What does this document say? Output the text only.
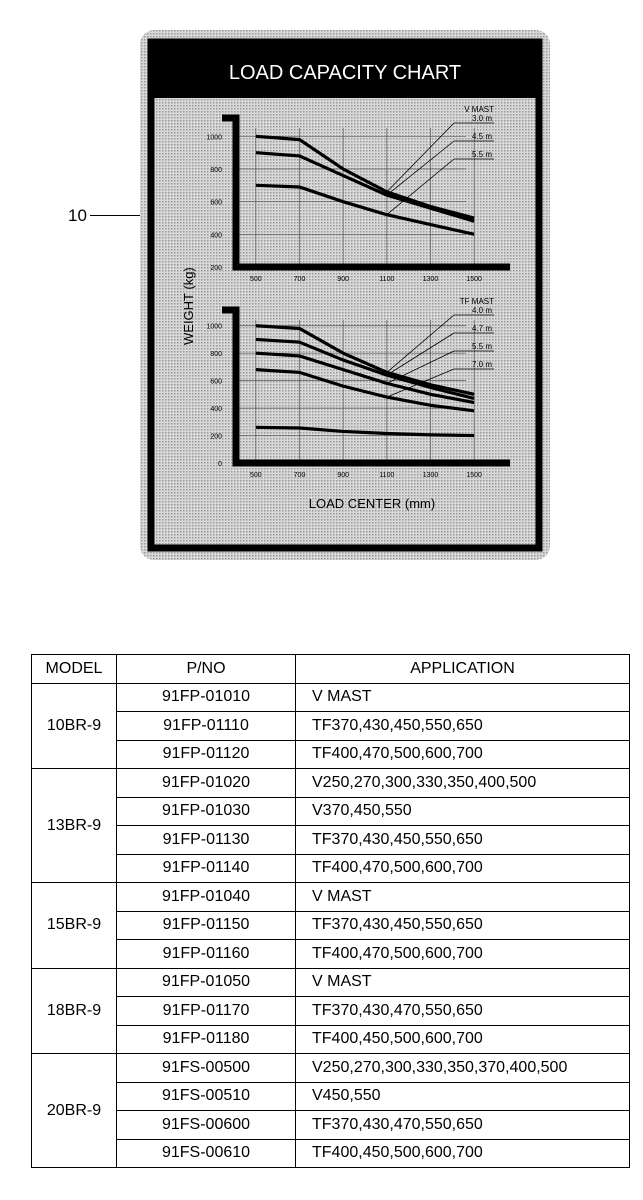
10
LOAD CAPACITY CHART
WEIGHT (kg)
LOAD CENTER (mm)
1000
800
600
400
200
500	700	900	1100	1300	1500
V MAST
3.0 m
4.5 m
5.5 m
1000
800
600
400
200
0
500	700	900	1100	1300	1500
TF MAST
4.0 m
4.7 m
5.5 m
7.0 m
MODEL	P/NO	APPLICATION
10BR-9	91FP-01010	V MAST
	91FP-01110	TF370,430,450,550,650
	91FP-01120	TF400,470,500,600,700
13BR-9	91FP-01020	V250,270,300,330,350,400,500
	91FP-01030	V370,450,550
	91FP-01130	TF370,430,450,550,650
	91FP-01140	TF400,470,500,600,700
15BR-9	91FP-01040	V MAST
	91FP-01150	TF370,430,450,550,650
	91FP-01160	TF400,470,500,600,700
18BR-9	91FP-01050	V MAST
	91FP-01170	TF370,430,470,550,650
	91FP-01180	TF400,450,500,600,700
20BR-9	91FS-00500	V250,270,300,330,350,370,400,500
	91FS-00510	V450,550
	91FS-00600	TF370,430,470,550,650
	91FS-00610	TF400,450,500,600,700
